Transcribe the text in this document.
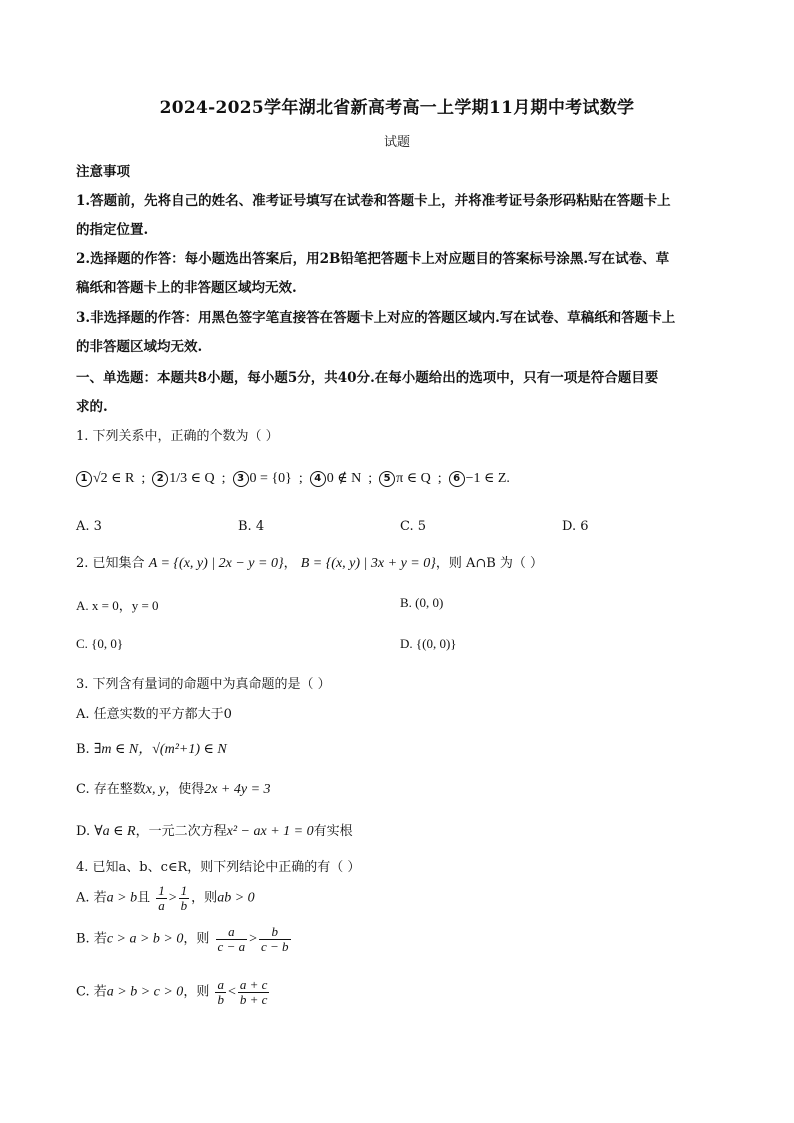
2024-2025学年湖北省新高考高一上学期11月期中考试数学
试题
注意事项
1.答题前，先将自己的姓名、准考证号填写在试卷和答题卡上，并将准考证号条形码粘贴在答题卡上
的指定位置.
2.选择题的作答：每小题选出答案后，用2B铅笔把答题卡上对应题目的答案标号涂黑.写在试卷、草
稿纸和答题卡上的非答题区域均无效.
3.非选择题的作答：用黑色签字笔直接答在答题卡上对应的答题区域内.写在试卷、草稿纸和答题卡上
的非答题区域均无效.
一、单选题：本题共8小题，每小题5分，共40分.在每小题给出的选项中，只有一项是符合题目要
求的.
1. 下列关系中，正确的个数为（ ）
1 √2 ∈ R  ;  2 1/3 ∈ Q  ;  3 0 = {0}  ;  4 0 ∉ N  ;  5 π ∈ Q  ;  6 −1 ∈ Z.
A. 3	B. 4	C. 5	D. 6
2. 已知集合 A = {(x, y) | 2x − y = 0}， B = {(x, y) | 3x + y = 0}，则 A∩B 为（ ）
A. x = 0，y = 0	B. (0, 0)
C. {0, 0}	D. {(0, 0)}
3. 下列含有量词的命题中为真命题的是（ ）
A. 任意实数的平方都大于0
B. ∃m ∈ N，√(m²+1) ∈ N
C. 存在整数x, y，使得2x + 4y = 3
D. ∀a ∈ R，一元二次方程x² − ax + 1 = 0有实根
4. 已知a、b、c∈R，则下列结论中正确的有（ ）
A. 若a > b且 $\frac{1}{a} > \frac{1}{b}$ ，则ab > 0
B. 若c > a > b > 0，则 $\frac{a}{c - a} > \frac{b}{c - b}$
C. 若a > b > c > 0，则 $\frac{a}{b} < \frac{a + c}{b + c}$
